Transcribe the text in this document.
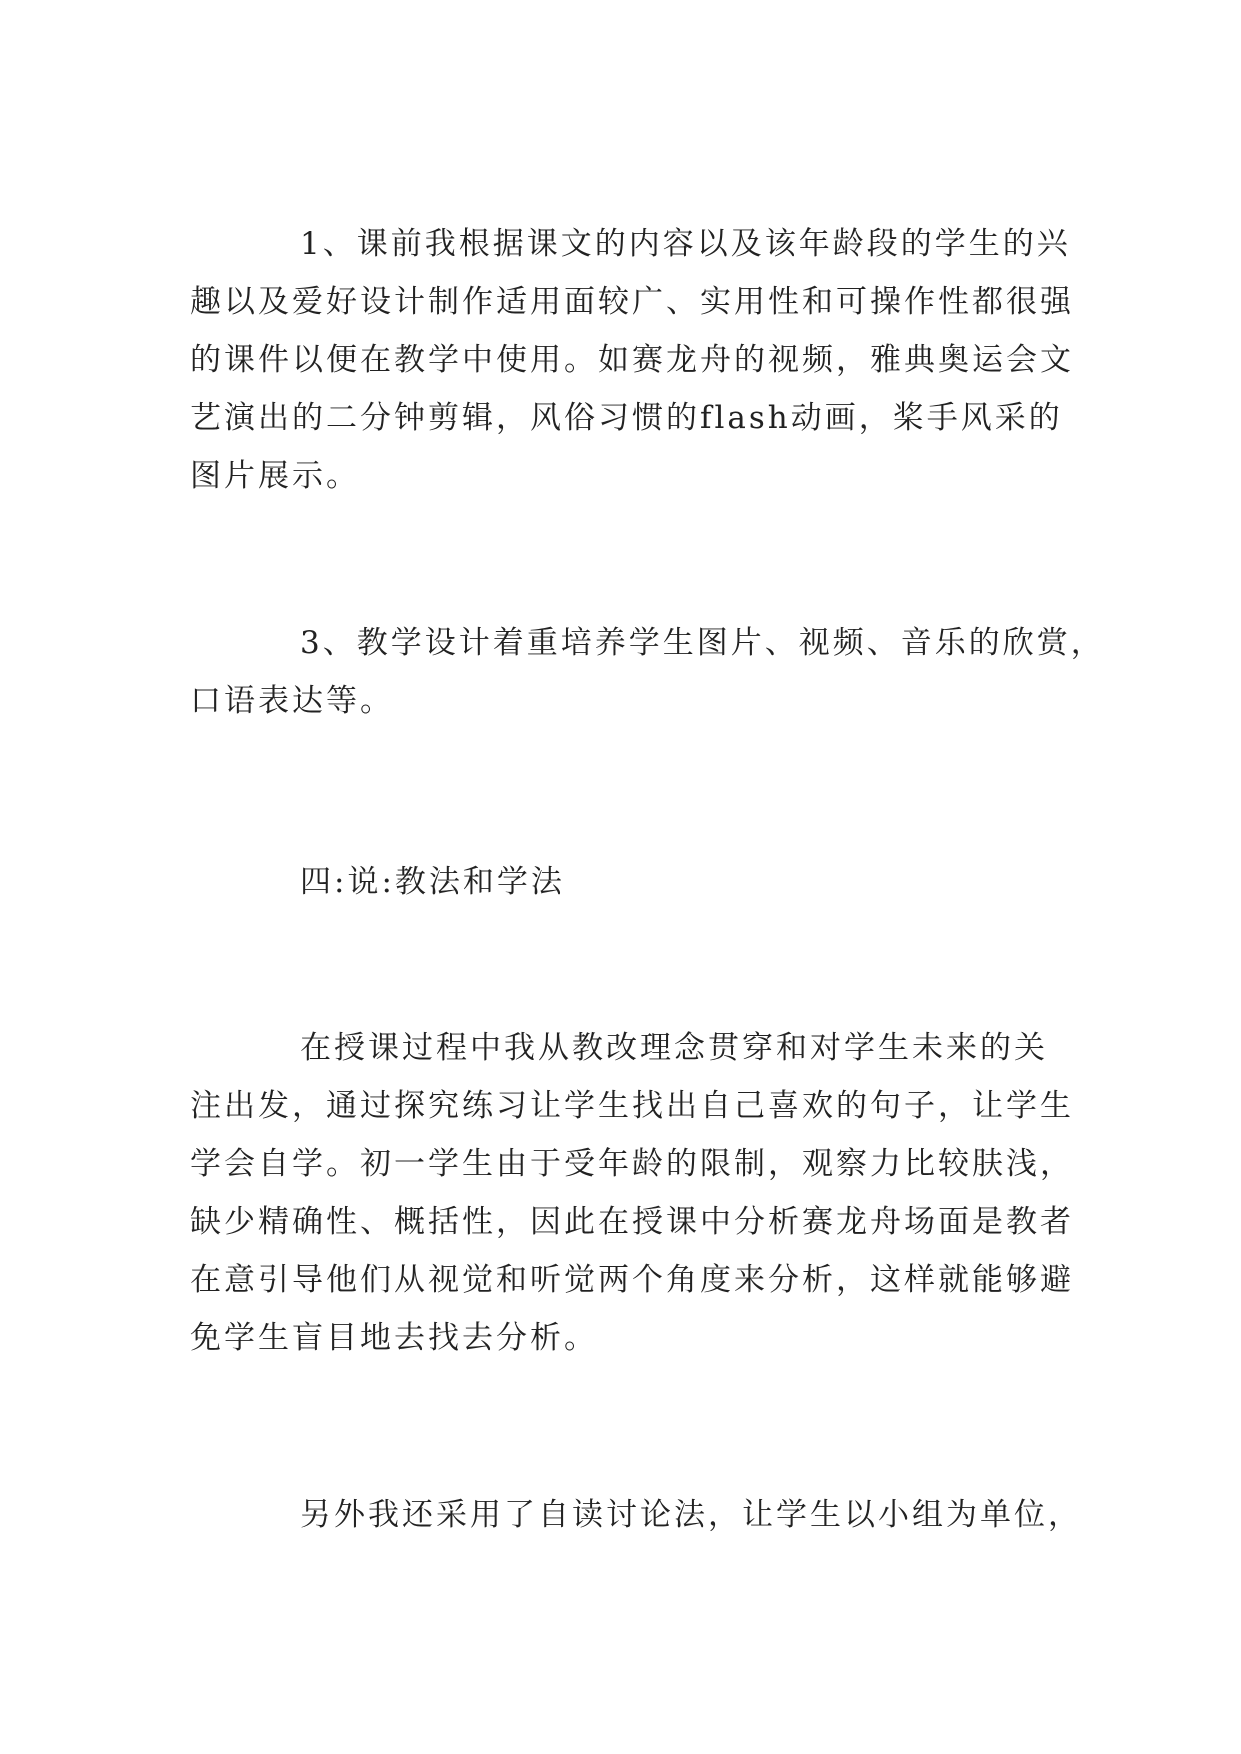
1、课前我根据课文的内容以及该年龄段的学生的兴
趣以及爱好设计制作适用面较广、实用性和可操作性都很强
的课件以便在教学中使用。如赛龙舟的视频，雅典奥运会文
艺演出的二分钟剪辑，风俗习惯的flash动画，桨手风采的
图片展示。
3、教学设计着重培养学生图片、视频、音乐的欣赏，
口语表达等。
四:说:教法和学法
在授课过程中我从教改理念贯穿和对学生未来的关
注出发，通过探究练习让学生找出自己喜欢的句子，让学生
学会自学。初一学生由于受年龄的限制，观察力比较肤浅，
缺少精确性、概括性，因此在授课中分析赛龙舟场面是教者
在意引导他们从视觉和听觉两个角度来分析，这样就能够避
免学生盲目地去找去分析。
另外我还采用了自读讨论法，让学生以小组为单位，
